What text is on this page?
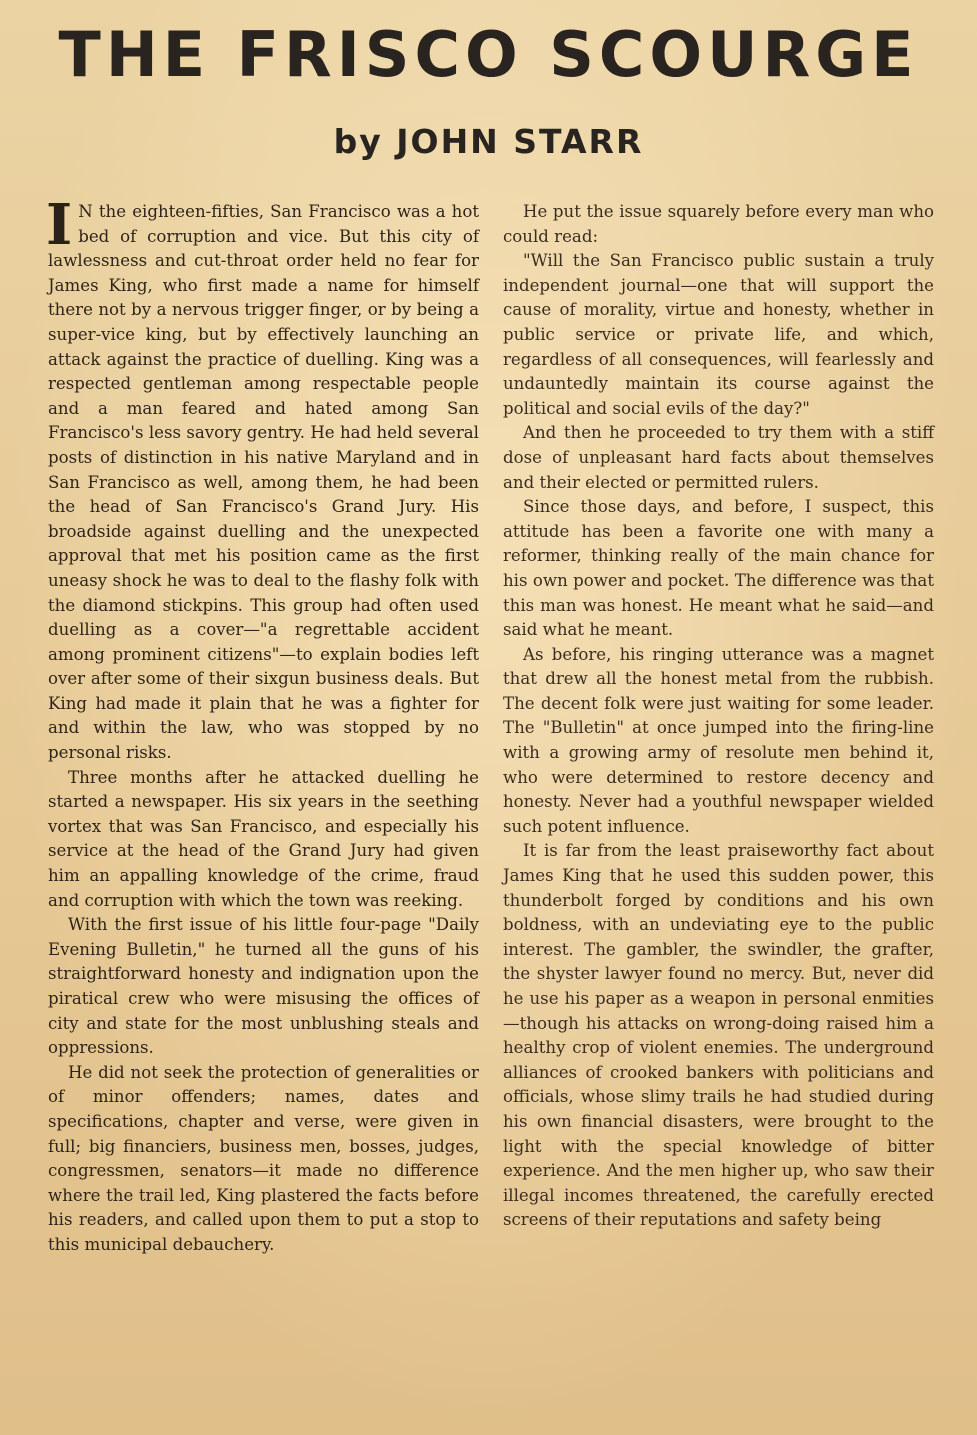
THE FRISCO SCOURGE
by JOHN STARR

I N the eighteen-fifties, San Francisco was a hot bed of corruption and vice. But this city of lawlessness and cut-throat order held no fear for James King, who first made a name for himself there not by a nervous trigger finger, or by being a super-vice king, but by effectively launching an attack against the practice of duelling. King was a respected gentleman among respectable people and a man feared and hated among San Francisco's less savory gentry. He had held several posts of distinction in his native Maryland and in San Francisco as well, among them, he had been the head of San Francisco's Grand Jury. His broadside against duelling and the unexpected approval that met his position came as the first uneasy shock he was to deal to the flashy folk with the diamond stickpins. This group had often used duelling as a cover—"a regrettable accident among prominent citizens"—to explain bodies left over after some of their sixgun business deals. But King had made it plain that he was a fighter for and within the law, who was stopped by no personal risks.

Three months after he attacked duelling he started a newspaper. His six years in the seething vortex that was San Francisco, and especially his service at the head of the Grand Jury had given him an appalling knowledge of the crime, fraud and corruption with which the town was reeking.

With the first issue of his little four-page "Daily Evening Bulletin," he turned all the guns of his straightforward honesty and indignation upon the piratical crew who were misusing the offices of city and state for the most unblushing steals and oppressions.

He did not seek the protection of generalities or of minor offenders; names, dates and specifications, chapter and verse, were given in full; big financiers, business men, bosses, judges, congressmen, senators—it made no difference where the trail led, King plastered the facts before his readers, and called upon them to put a stop to this municipal debauchery.

He put the issue squarely before every man who could read:

"Will the San Francisco public sustain a truly independent journal—one that will support the cause of morality, virtue and honesty, whether in public service or private life, and which, regardless of all consequences, will fearlessly and undauntedly maintain its course against the political and social evils of the day?"

And then he proceeded to try them with a stiff dose of unpleasant hard facts about themselves and their elected or permitted rulers.

Since those days, and before, I suspect, this attitude has been a favorite one with many a reformer, thinking really of the main chance for his own power and pocket. The difference was that this man was honest. He meant what he said—and said what he meant.

As before, his ringing utterance was a magnet that drew all the honest metal from the rubbish. The decent folk were just waiting for some leader. The "Bulletin" at once jumped into the firing-line with a growing army of resolute men behind it, who were determined to restore decency and honesty. Never had a youthful newspaper wielded such potent influence.

It is far from the least praiseworthy fact about James King that he used this sudden power, this thunderbolt forged by conditions and his own boldness, with an undeviating eye to the public interest. The gambler, the swindler, the grafter, the shyster lawyer found no mercy. But, never did he use his paper as a weapon in personal enmities—though his attacks on wrong-doing raised him a healthy crop of violent enemies. The underground alliances of crooked bankers with politicians and officials, whose slimy trails he had studied during his own financial disasters, were brought to the light with the special knowledge of bitter experience. And the men higher up, who saw their illegal incomes threatened, the carefully erected screens of their reputations and safety being
